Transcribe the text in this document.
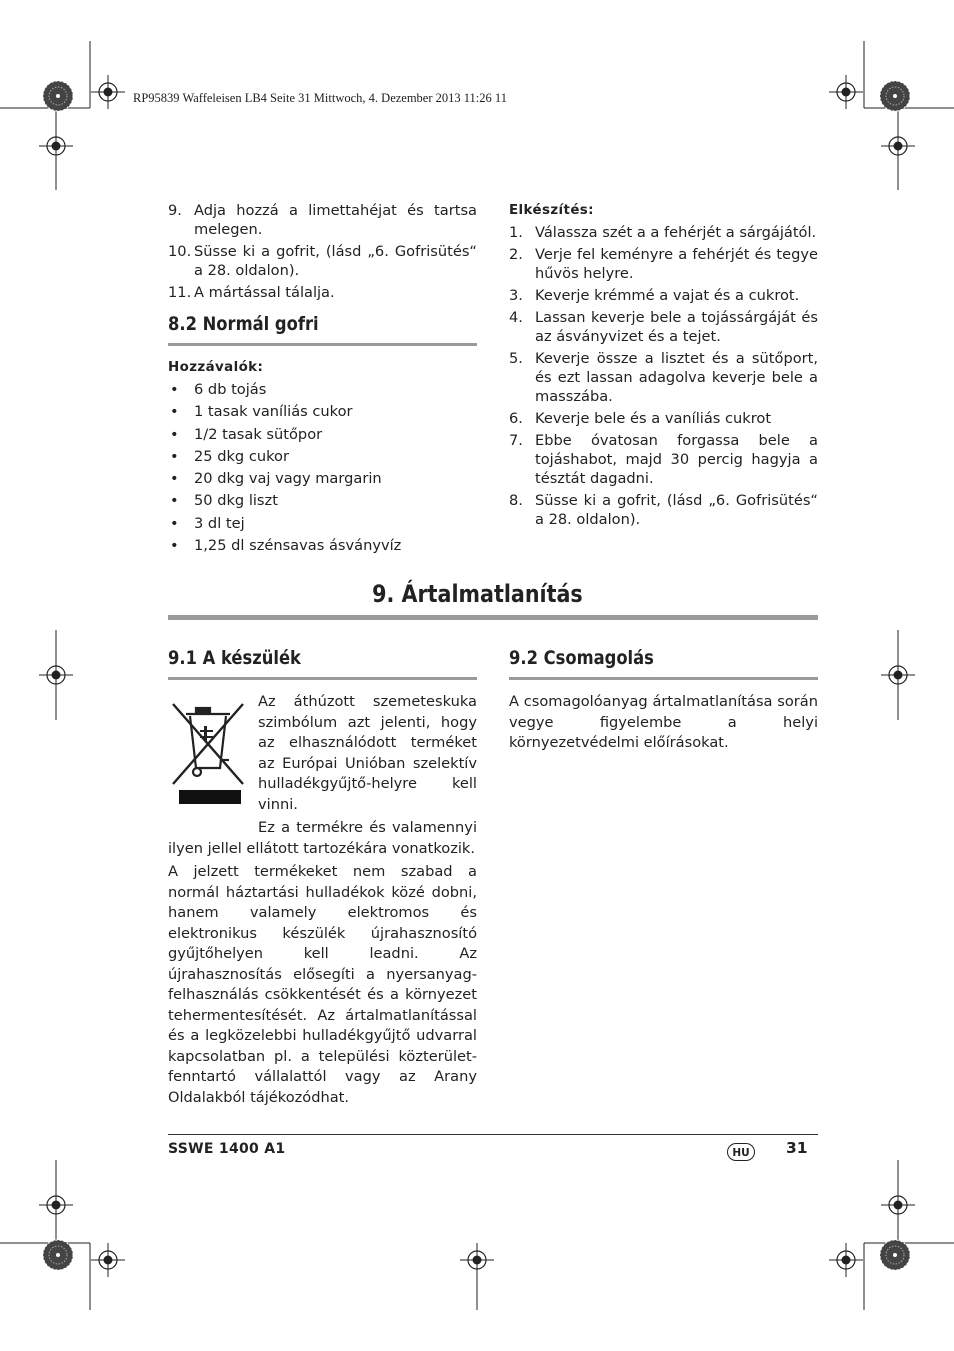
RP95839 Waffeleisen LB4 Seite 31 Mittwoch, 4. Dezember 2013 11:26 11
9. Adja hozzá a limettahéjat és tartsa melegen.
10. Süsse ki a gofrit, (lásd „6. Gofrisütés“ a 28. oldalon).
11. A mártással tálalja.
8.2 Normál gofri
Hozzávalók:
• 6 db tojás
• 1 tasak vaníliás cukor
• 1/2 tasak sütőpor
• 25 dkg cukor
• 20 dkg vaj vagy margarin
• 50 dkg liszt
• 3 dl tej
• 1,25 dl szénsavas ásványvíz
Elkészítés:
1. Válassza szét a a fehérjét a sárgájától.
2. Verje fel keményre a fehérjét és tegye hűvös helyre.
3. Keverje krémmé a vajat és a cukrot.
4. Lassan keverje bele a tojássárgáját és az ásványvizet és a tejet.
5. Keverje össze a lisztet és a sütőport, és ezt lassan adagolva keverje bele a masszába.
6. Keverje bele és a vaníliás cukrot
7. Ebbe óvatosan forgassa bele a tojáshabot, majd 30 percig hagyja a tésztát dagadni.
8. Süsse ki a gofrit, (lásd „6. Gofrisütés“ a 28. oldalon).
9. Ártalmatlanítás
9.1 A készülék	9.2 Csomagolás

Az áthúzott szemeteskuka szimbólum azt jelenti, hogy az elhasználódott terméket az Európai Unióban szelektív hulladékgyűjtő-helyre kell vinni.

Ez a termékre és valamennyi ilyen jellel ellátott tartozékára vonatkozik.

A jelzett termékeket nem szabad a normál háztartási hulladékok közé dobni, hanem valamely elektromos és elektronikus készülék újrahasznosító gyűjtőhelyen kell leadni. Az újrahasznosítás elősegíti a nyersanyag-felhasználás csökkentését és a környezet tehermentesítését. Az ártalmatlanítással és a legközelebbi hulladékgyűjtő udvarral kapcsolatban pl. a települési közterület-fenntartó vállalattól vagy az Arany Oldalakból tájékozódhat.

A csomagolóanyag ártalmatlanítása során vegye figyelembe a helyi környezetvédelmi előírásokat.

SSWE 1400 A1	HU	31
